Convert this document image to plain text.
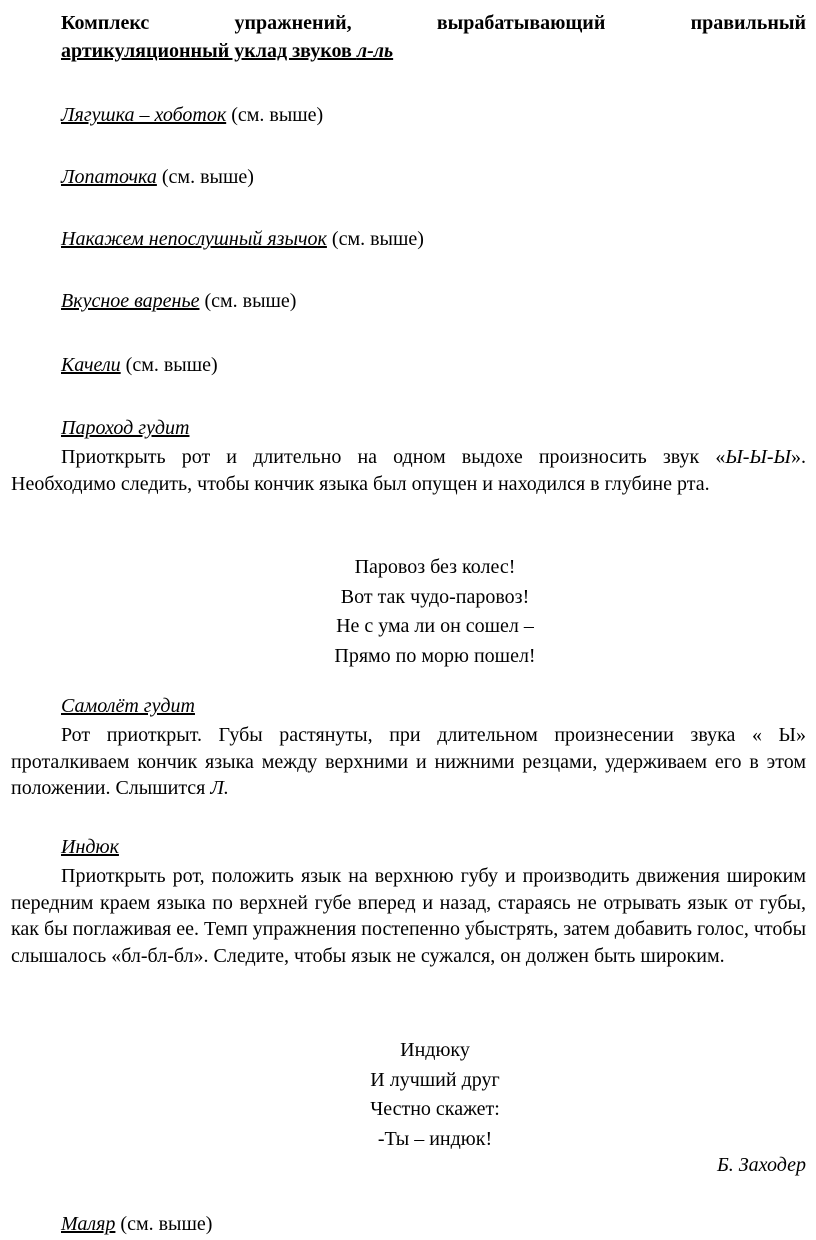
Комплекс упражнений, вырабатывающий правильный
артикуляционный уклад звуков л-ль
Лягушка – хоботок (см. выше)
Лопаточка (см. выше)
Накажем непослушный язычок (см. выше)
Вкусное варенье (см. выше)
Качели (см. выше)
Пароход гудит
Приоткрыть рот и длительно на одном выдохе произносить звук «Ы-Ы-Ы». Необходимо следить, чтобы кончик языка был опущен и находился в глубине рта.
Паровоз без колес!
Вот так чудо-паровоз!
Не с ума ли он сошел –
Прямо по морю пошел!
Самолёт гудит
Рот приоткрыт. Губы растянуты, при длительном произнесении звука « Ы» проталкиваем кончик языка между верхними и нижними резцами, удерживаем его в этом положении. Слышится Л.
Индюк
Приоткрыть рот, положить язык на верхнюю губу и производить движения широким передним краем языка по верхней губе вперед и назад, стараясь не отрывать язык от губы, как бы поглаживая ее. Темп упражнения постепенно убыстрять, затем добавить голос, чтобы слышалось «бл-бл-бл». Следите, чтобы язык не сужался, он должен быть широким.
Индюку
И лучший друг
Честно скажет:
-Ты – индюк!
Б. Заходер
Маляр (см. выше)
